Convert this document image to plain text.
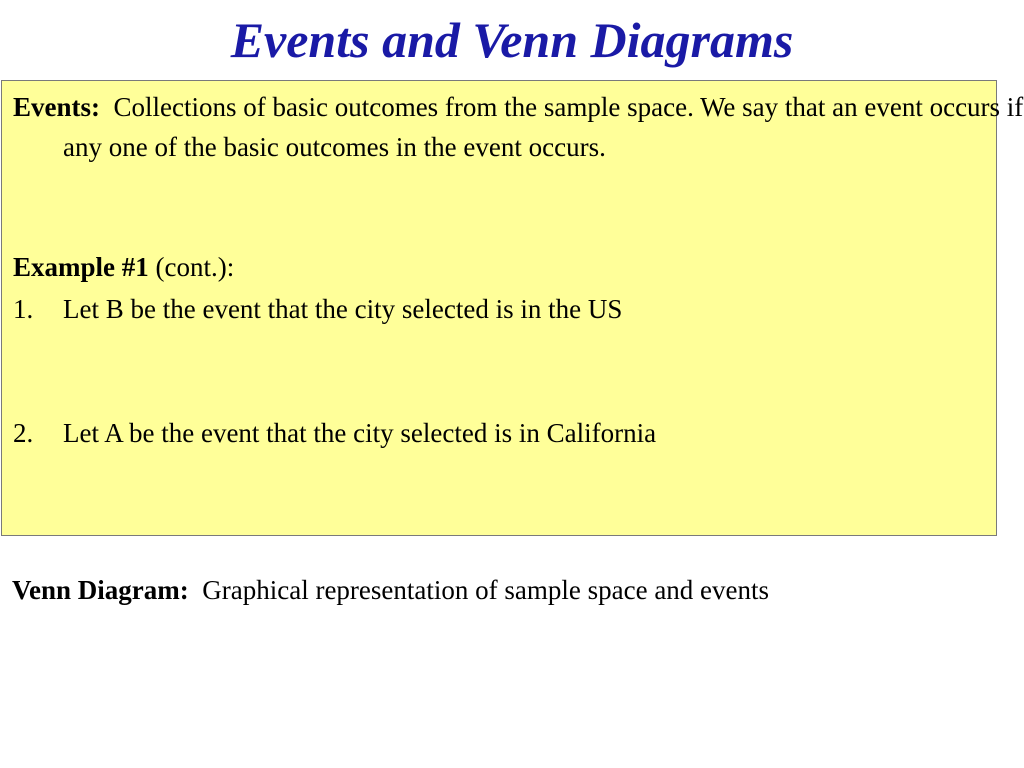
Events and Venn Diagrams
Events: Collections of basic outcomes from the sample space. We say that an event occurs if any one of the basic outcomes in the event occurs.
Example #1 (cont.):
1. Let B be the event that the city selected is in the US
2. Let A be the event that the city selected is in California
Venn Diagram: Graphical representation of sample space and events
